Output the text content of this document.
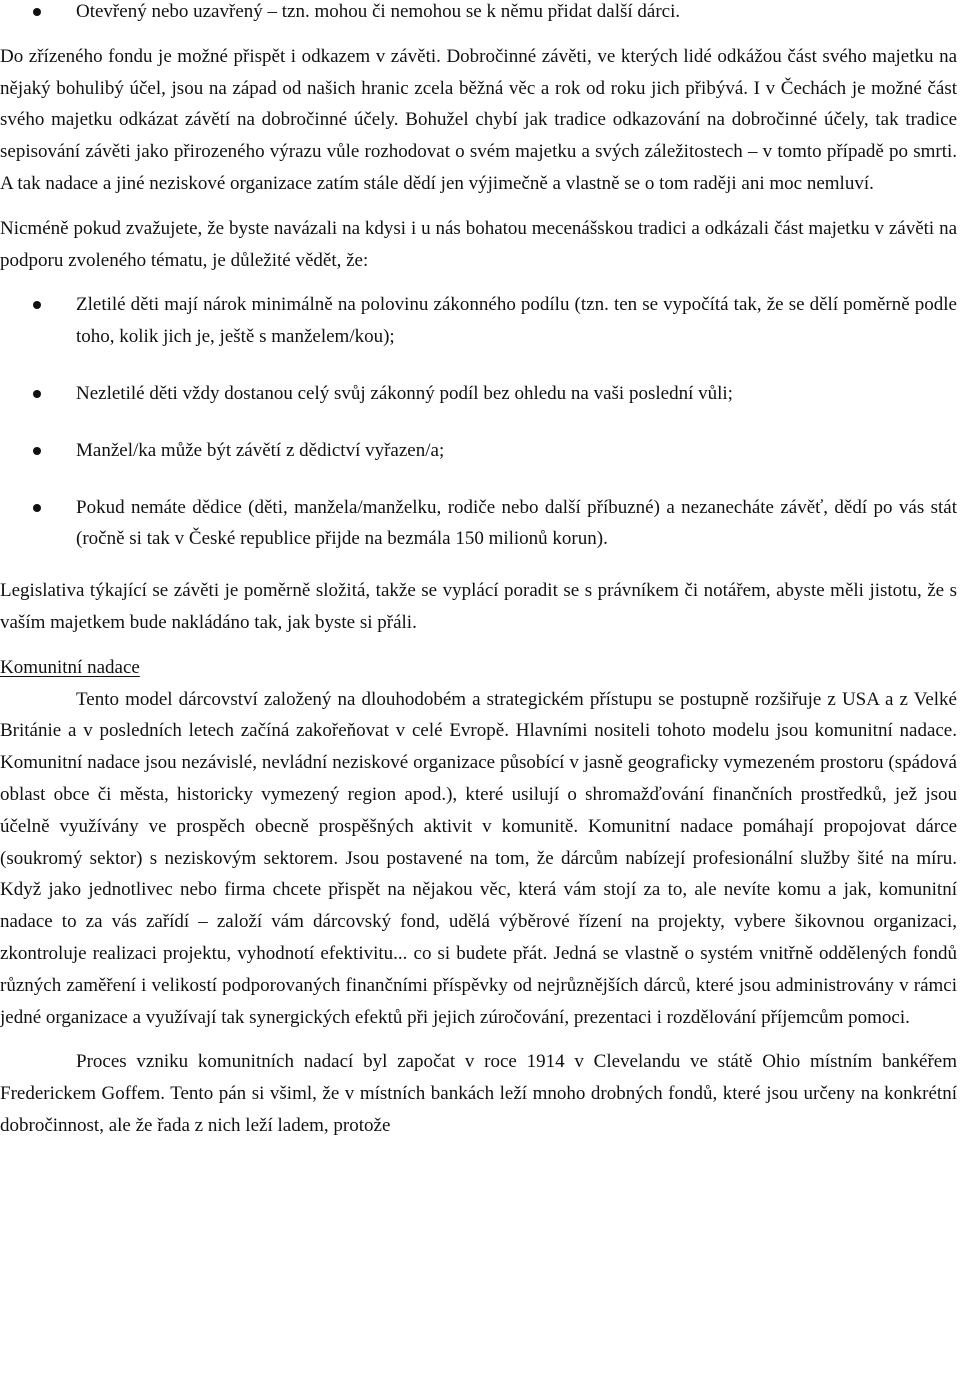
Otevřený nebo uzavřený – tzn. mohou či nemohou se k němu přidat další dárci.

Do zřízeného fondu je možné přispět i odkazem v závěti. Dobročinné závěti, ve kterých lidé odkážou část svého majetku na nějaký bohulibý účel, jsou na západ od našich hranic zcela běžná věc a rok od roku jich přibývá. I v Čechách je možné část svého majetku odkázat závětí na dobročinné účely. Bohužel chybí jak tradice odkazování na dobročinné účely, tak tradice sepisování závěti jako přirozeného výrazu vůle rozhodovat o svém majetku a svých záležitostech – v tomto případě po smrti. A tak nadace a jiné neziskové organizace zatím stále dědí jen výjimečně a vlastně se o tom raději ani moc nemluví.

Nicméně pokud zvažujete, že byste navázali na kdysi i u nás bohatou mecenášskou tradici a odkázali část majetku v závěti na podporu zvoleného tématu, je důležité vědět, že:

Zletilé děti mají nárok minimálně na polovinu zákonného podílu (tzn. ten se vypočítá tak, že se dělí poměrně podle toho, kolik jich je, ještě s manželem/kou);

Nezletilé děti vždy dostanou celý svůj zákonný podíl bez ohledu na vaši poslední vůli;

Manžel/ka může být závětí z dědictví vyřazen/a;

Pokud nemáte dědice (děti, manžela/manželku, rodiče nebo další příbuzné) a nezanecháte závěť, dědí po vás stát (ročně si tak v České republice přijde na bezmála 150 milionů korun).

Legislativa týkající se závěti je poměrně složitá, takže se vyplácí poradit se s právníkem či notářem, abyste měli jistotu, že s vaším majetkem bude nakládáno tak, jak byste si přáli.

Komunitní nadace

Tento model dárcovství založený na dlouhodobém a strategickém přístupu se postupně rozšiřuje z USA a z Velké Británie a v posledních letech začíná zakořeňovat v celé Evropě. Hlavními nositeli tohoto modelu jsou komunitní nadace. Komunitní nadace jsou nezávislé, nevládní neziskové organizace působící v jasně geograficky vymezeném prostoru (spádová oblast obce či města, historicky vymezený region apod.), které usilují o shromažďování finančních prostředků, jež jsou účelně využívány ve prospěch obecně prospěšných aktivit v komunitě. Komunitní nadace pomáhají propojovat dárce (soukromý sektor) s neziskovým sektorem. Jsou postavené na tom, že dárcům nabízejí profesionální služby šité na míru. Když jako jednotlivec nebo firma chcete přispět na nějakou věc, která vám stojí za to, ale nevíte komu a jak, komunitní nadace to za vás zařídí – založí vám dárcovský fond, udělá výběrové řízení na projekty, vybere šikovnou organizaci, zkontroluje realizaci projektu, vyhodnotí efektivitu... co si budete přát. Jedná se vlastně o systém vnitřně oddělených fondů různých zaměření i velikostí podporovaných finančními příspěvky od nejrůznějších dárců, které jsou administrovány v rámci jedné organizace a využívají tak synergických efektů při jejich zúročování, prezentaci i rozdělování příjemcům pomoci.

Proces vzniku komunitních nadací byl započat v roce 1914 v Clevelandu ve státě Ohio místním bankéřem Frederickem Goffem. Tento pán si všiml, že v místních bankách leží mnoho drobných fondů, které jsou určeny na konkrétní dobročinnost, ale že řada z nich leží ladem, protože
